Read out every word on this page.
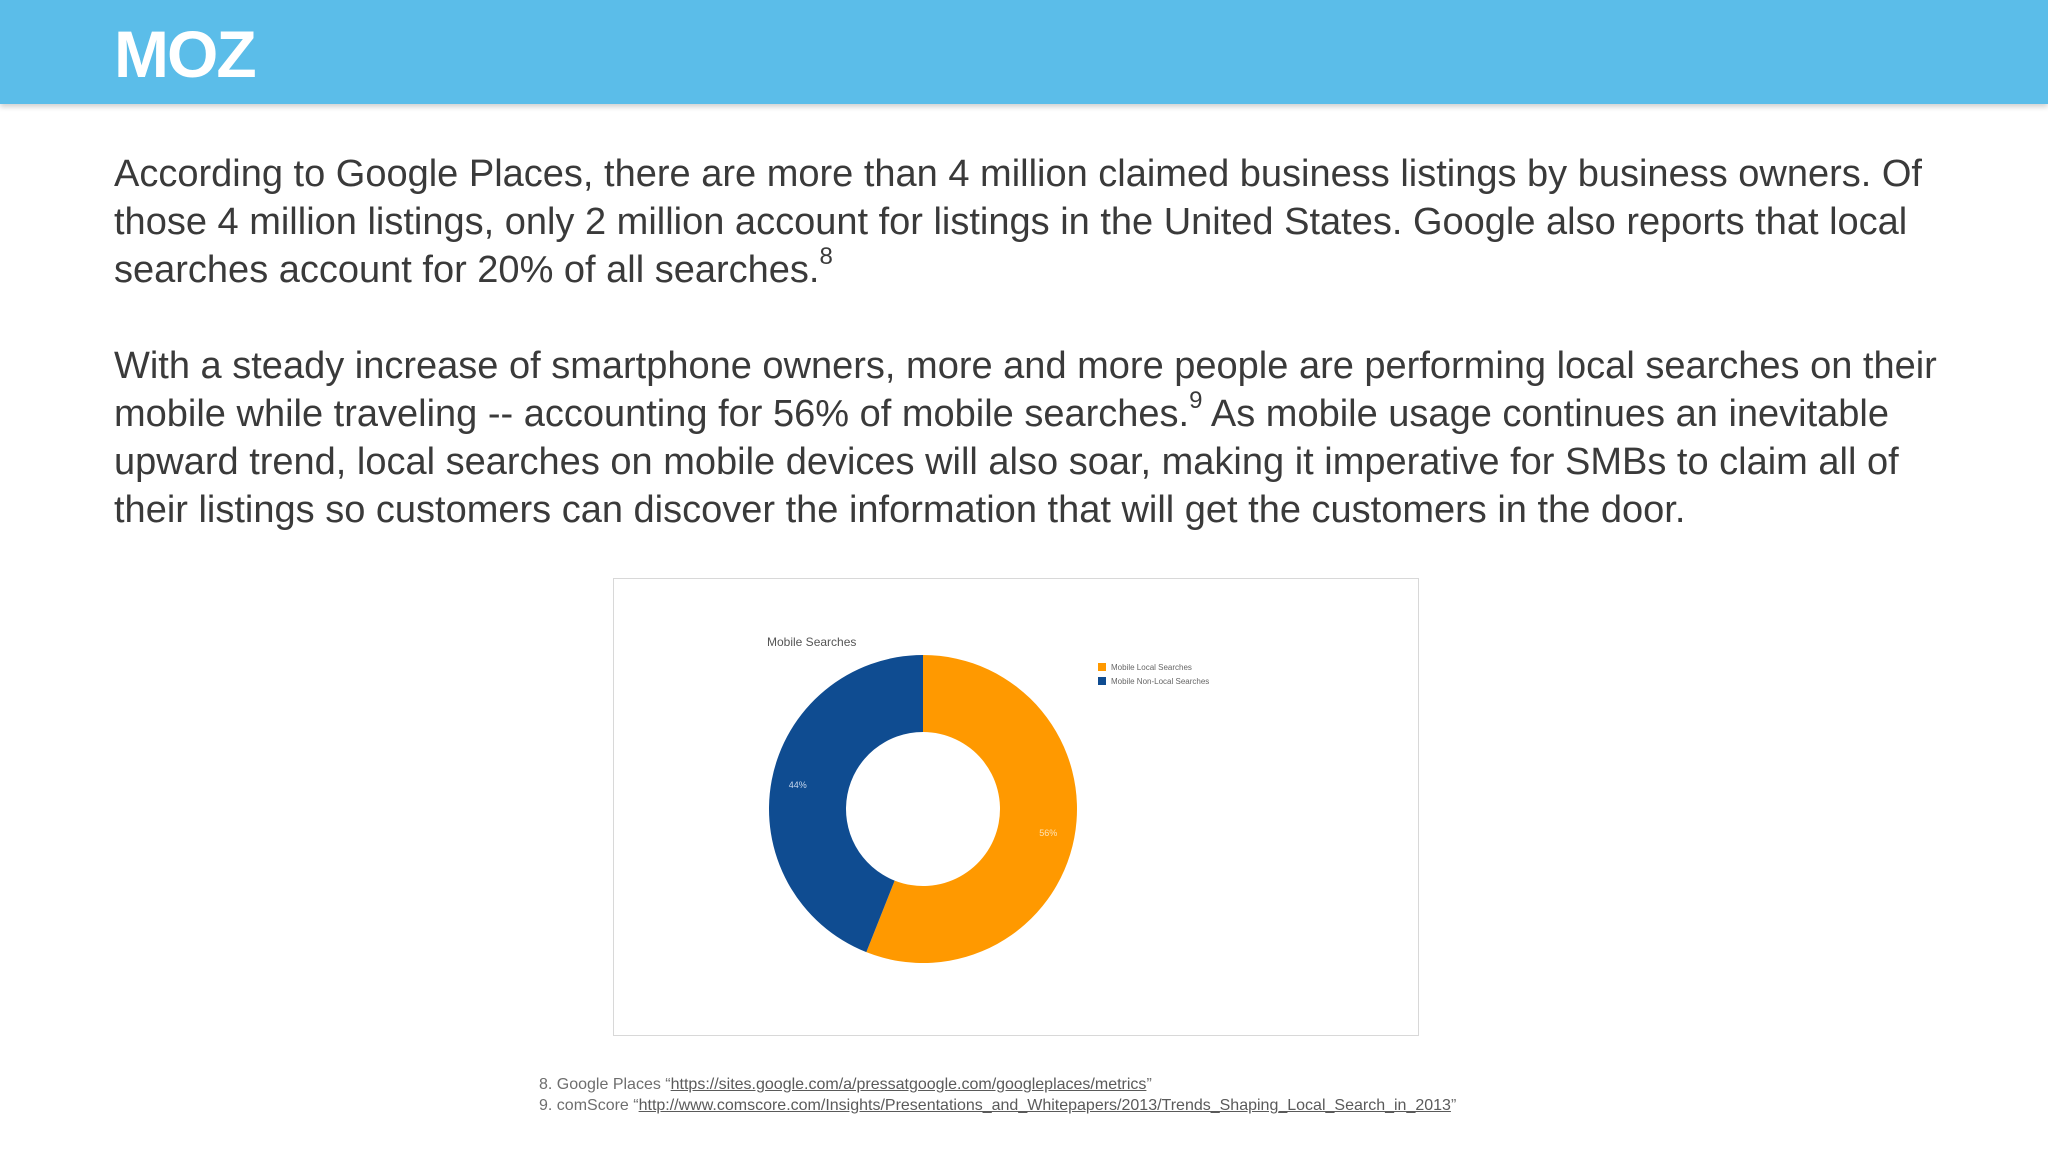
MOZ

According to Google Places, there are more than 4 million claimed business listings by business owners. Of those 4 million listings, only 2 million account for listings in the United States. Google also reports that local searches account for 20% of all searches.$^8$

With a steady increase of smartphone owners, more and more people are performing local searches on their mobile while traveling -- accounting for 56% of mobile searches.$^9$ As mobile usage continues an inevitable upward trend, local searches on mobile devices will also soar, making it imperative for SMBs to claim all of their listings so customers can discover the information that will get the customers in the door.

Mobile Searches
56%
44%
Mobile Local Searches
Mobile Non-Local Searches
8. Google Places “https://sites.google.com/a/pressatgoogle.com/googleplaces/metrics”
9. comScore “http://www.comscore.com/Insights/Presentations_and_Whitepapers/2013/Trends_Shaping_Local_Search_in_2013”
